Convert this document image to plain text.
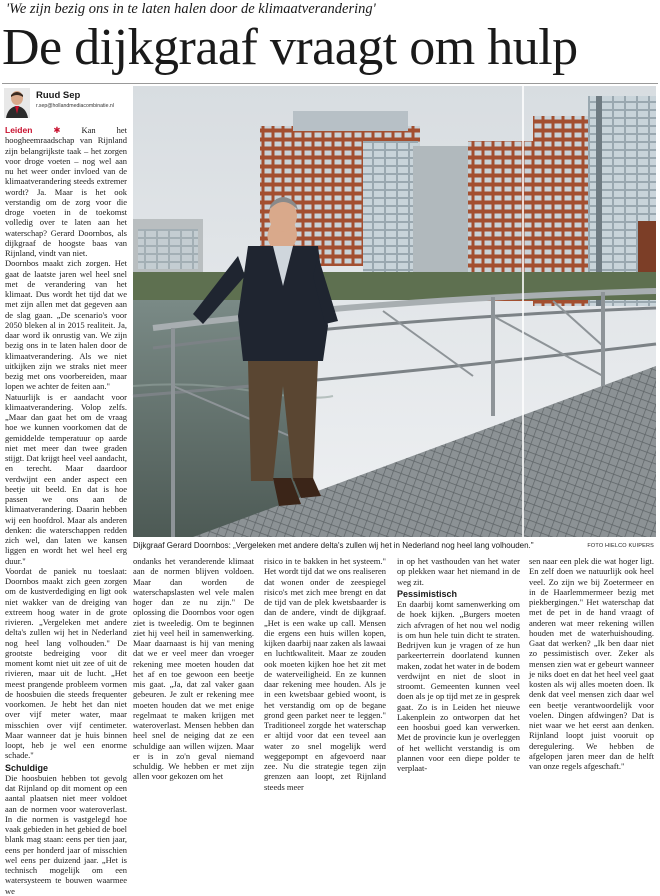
'We zijn bezig ons in te laten halen door de klimaatverandering'
De dijkgraaf vraagt om hulp
Ruud Sep
r.sep@hollandmediacombinatie.nl
Dijkgraaf Gerard Doornbos: „Vergeleken met andere delta's zullen wij het in Nederland nog heel lang volhouden."	FOTO HIELCO KUIPERS

Leiden ✱ Kan het hoogheemraadschap van Rijnland zijn belangrijkste taak – het zorgen voor droge voeten – nog wel aan nu het weer onder invloed van de klimaatverandering steeds extremer wordt? Ja. Maar is het ook verstandig om de zorg voor die droge voeten in de toekomst volledig over te laten aan het waterschap? Gerard Doornbos, als dijkgraaf de hoogste baas van Rijnland, vindt van niet.

Doornbos maakt zich zorgen. Het gaat de laatste jaren wel heel snel met de verandering van het klimaat. Dus wordt het tijd dat we met zijn allen met dat gegeven aan de slag gaan. „De scenario's voor 2050 bleken al in 2015 realiteit. Ja, daar word ik onrustig van. We zijn bezig ons in te laten halen door de klimaatverandering. Als we niet uitkijken zijn we straks niet meer bezig met ons voorbereiden, maar lopen we achter de feiten aan."

Natuurlijk is er aandacht voor klimaatverandering. Volop zelfs. „Maar dan gaat het om de vraag hoe we kunnen voorkomen dat de gemiddelde temperatuur op aarde niet met meer dan twee graden stijgt. Dat krijgt heel veel aandacht, en terecht. Maar daardoor verdwijnt een ander aspect een beetje uit beeld. En dat is hoe passen we ons aan de klimaatverandering. Daarin hebben wij een hoofdrol. Maar als anderen denken: die waterschappen redden zich wel, dan laten we kansen liggen en wordt het wel heel erg duur."

Voordat de paniek nu toeslaat: Doornbos maakt zich geen zorgen om de kustverdediging en ligt ook niet wakker van de dreiging van extreem hoog water in de grote rivieren. „Vergeleken met andere delta's zullen wij het in Nederland nog heel lang volhouden." De grootste bedreiging voor dit moment komt niet uit zee of uit de rivieren, maar uit de lucht. „Het meest prangende probleem vormen de hoosbuien die steeds frequenter voorkomen. Je hebt het dan niet over vijf meter water, maar misschien over vijf centimeter. Maar wanneer dat je huis binnen loopt, heb je wel een enorme schade."

Schuldige

Die hoosbuien hebben tot gevolg dat Rijnland op dit moment op een aantal plaatsen niet meer voldoet aan de normen voor wateroverlast. In die normen is vastgelegd hoe vaak gebieden in het gebied de boel blank mag staan: eens per tien jaar, eens per honderd jaar of misschien wel eens per duizend jaar. „Het is technisch mogelijk om een watersysteem te bouwen waarmee we

ondanks het veranderende klimaat aan de normen blijven voldoen. Maar dan worden de waterschapslasten wel vele malen hoger dan ze nu zijn." De oplossing die Doornbos voor ogen ziet is tweeledig. Om te beginnen ziet hij veel heil in samenwerking. Maar daarnaast is hij van mening dat we er veel meer dan vroeger rekening mee moeten houden dat het af en toe gewoon een beetje mis gaat. „Ja, dat zal vaker gaan gebeuren. Je zult er rekening mee moeten houden dat we met enige regelmaat te maken krijgen met wateroverlast. Mensen hebben dan heel snel de neiging dat ze een schuldige aan willen wijzen. Maar er is in zo'n geval niemand schuldig. We hebben er met zijn allen voor gekozen om het

risico in te bakken in het systeem." Het wordt tijd dat we ons realiseren dat wonen onder de zeespiegel risico's met zich mee brengt en dat de tijd van de plek kwetsbaarder is dan de andere, vindt de dijkgraaf. „Het is een wake up call. Mensen die ergens een huis willen kopen, kijken daarbij naar zaken als lawaai en luchtkwaliteit. Maar ze zouden ook moeten kijken hoe het zit met de waterveiligheid. En ze kunnen daar rekening mee houden. Als je in een kwetsbaar gebied woont, is het verstandig om op de begane grond geen parket neer te leggen." Traditioneel zorgde het waterschap er altijd voor dat een teveel aan water zo snel mogelijk werd weggepompt en afgevoerd naar zee. Nu die strategie tegen zijn grenzen aan loopt, zet Rijnland steeds meer

in op het vasthouden van het water op plekken waar het niemand in de weg zit.

Pessimistisch

En daarbij komt samenwerking om de hoek kijken. „Burgers moeten zich afvragen of het nou wel nodig is om hun hele tuin dicht te straten. Bedrijven kun je vragen of ze hun parkeerterrein doorlatend kunnen maken, zodat het water in de bodem verdwijnt en niet de sloot in stroomt. Gemeenten kunnen veel doen als je op tijd met ze in gesprek gaat. Zo is in Leiden het nieuwe Lakenplein zo ontworpen dat het een hoosbui goed kan verwerken. Met de provincie kun je overleggen of het wellicht verstandig is om plannen voor een diepe polder te verplaat-

sen naar een plek die wat hoger ligt. En zelf doen we natuurlijk ook heel veel. Zo zijn we bij Zoetermeer en in de Haarlemmermeer bezig met piekbergingen." Het waterschap dat met de pet in de hand vraagt of anderen wat meer rekening willen houden met de waterhuishouding. Gaat dat werken? „Ik ben daar niet zo pessimistisch over. Zeker als mensen zien wat er gebeurt wanneer je niks doet en dat het heel veel gaat kosten als wij alles moeten doen. Ik denk dat veel mensen zich daar wel een beetje verantwoordelijk voor voelen. Dingen afdwingen? Dat is niet waar we het eerst aan denken. Rijnland loopt juist vooruit op deregulering. We hebben de afgelopen jaren meer dan de helft van onze regels afgeschaft."
